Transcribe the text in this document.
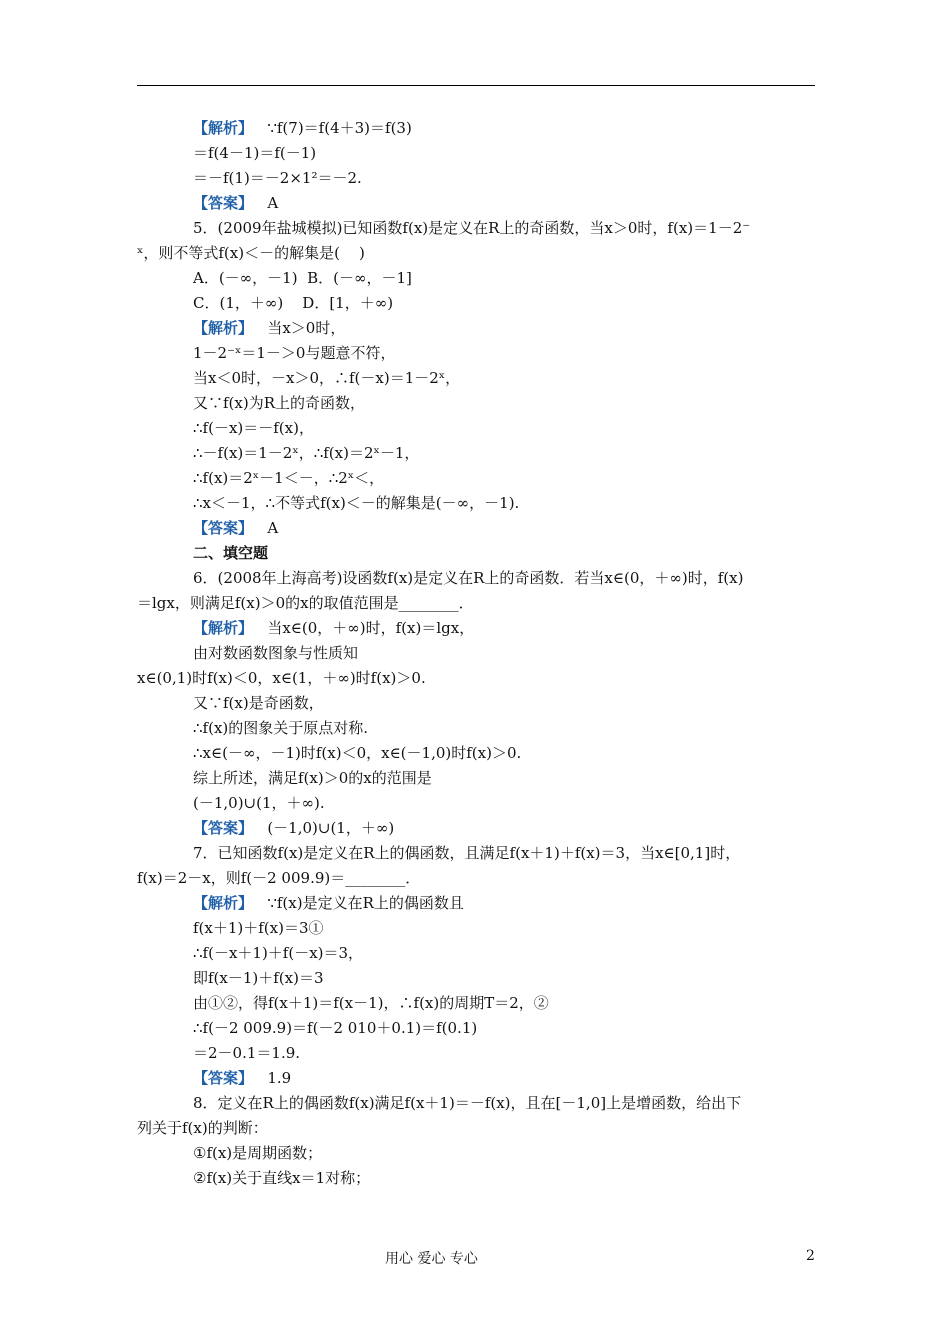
【解析】 ∵f(7)＝f(4＋3)＝f(3)
＝f(4－1)＝f(－1)
＝－f(1)＝－2×1²＝－2.
【答案】 A
5．(2009年盐城模拟)已知函数f(x)是定义在R上的奇函数，当x＞0时，f(x)＝1－2⁻
ˣ，则不等式f(x)＜－的解集是(    )
A．(－∞，－1)  B．(－∞，－1]
C．(1，＋∞)    D．[1，＋∞)
【解析】 当x＞0时，
1－2⁻ˣ＝1－＞0与题意不符，
当x＜0时，－x＞0，∴f(－x)＝1－2ˣ，
又∵f(x)为R上的奇函数，
∴f(－x)＝－f(x)，
∴－f(x)＝1－2ˣ，∴f(x)＝2ˣ－1，
∴f(x)＝2ˣ－1＜－，∴2ˣ＜，
∴x＜－1，∴不等式f(x)＜－的解集是(－∞，－1).
【答案】 A
二、填空题
6．(2008年上海高考)设函数f(x)是定义在R上的奇函数．若当x∈(0，＋∞)时，f(x)
＝lgx，则满足f(x)＞0的x的取值范围是________．
【解析】 当x∈(0，＋∞)时，f(x)＝lgx，
由对数函数图象与性质知
x∈(0,1)时f(x)＜0，x∈(1，＋∞)时f(x)＞0.
又∵f(x)是奇函数，
∴f(x)的图象关于原点对称.
∴x∈(－∞，－1)时f(x)＜0，x∈(－1,0)时f(x)＞0.
综上所述，满足f(x)＞0的x的范围是
(－1,0)∪(1，＋∞).
【答案】 (－1,0)∪(1，＋∞)
7．已知函数f(x)是定义在R上的偶函数，且满足f(x＋1)＋f(x)＝3，当x∈[0,1]时，
f(x)＝2－x，则f(－2 009.9)＝________．
【解析】 ∵f(x)是定义在R上的偶函数且
f(x＋1)＋f(x)＝3①
∴f(－x＋1)＋f(－x)＝3，
即f(x－1)＋f(x)＝3
由①②，得f(x＋1)＝f(x－1)，∴f(x)的周期T＝2，②
∴f(－2 009.9)＝f(－2 010＋0.1)＝f(0.1)
＝2－0.1＝1.9.
【答案】 1.9
8．定义在R上的偶函数f(x)满足f(x＋1)＝－f(x)，且在[－1,0]上是增函数，给出下
列关于f(x)的判断：
①f(x)是周期函数；
②f(x)关于直线x＝1对称；
用心 爱心 专心	2
